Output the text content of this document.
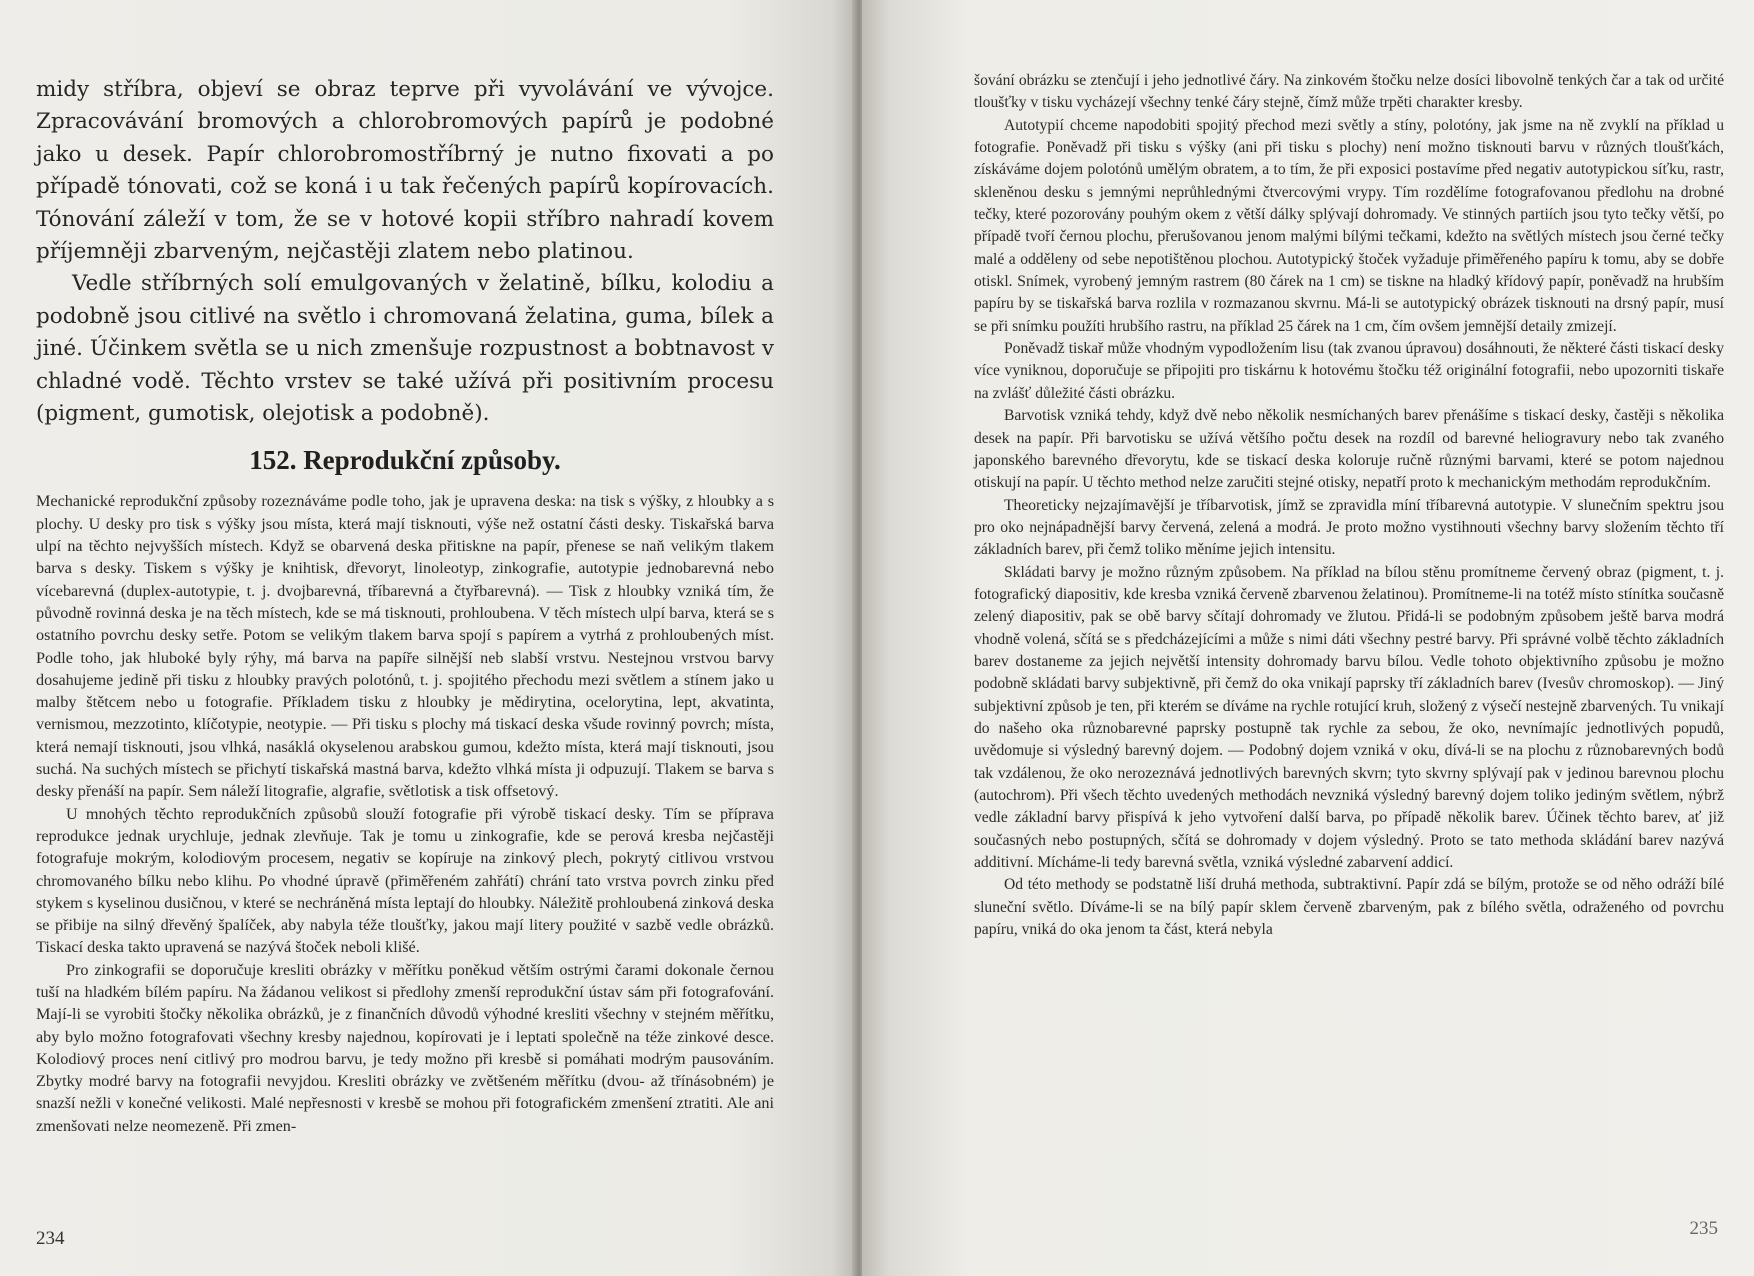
midy stříbra, objeví se obraz teprve při vyvolávání ve vývojce. Zpracovávání bromových a chlorobromových papírů je podobné jako u desek. Papír chlorobromostříbrný je nutno fixovati a po případě tónovati, což se koná i u tak řečených papírů kopírovacích. Tónování záleží v tom, že se v hotové kopii stříbro nahradí kovem příjemněji zbarveným, nejčastěji zlatem nebo platinou.

Vedle stříbrných solí emulgovaných v želatině, bílku, kolodiu a podobně jsou citlivé na světlo i chromovaná želatina, guma, bílek a jiné. Účinkem světla se u nich zmenšuje rozpustnost a bobtnavost v chladné vodě. Těchto vrstev se také užívá při positivním procesu (pigment, gumotisk, olejotisk a podobně).

152. Reprodukční způsoby.

Mechanické reprodukční způsoby rozeznáváme podle toho, jak je upravena deska: na tisk s výšky, z hloubky a s plochy. U desky pro tisk s výšky jsou místa, která mají tisknouti, výše než ostatní části desky. Tiskařská barva ulpí na těchto nejvyšších místech. Když se obarvená deska přitiskne na papír, přenese se naň velikým tlakem barva s desky. Tiskem s výšky je knihtisk, dřevoryt, linoleotyp, zinkografie, autotypie jednobarevná nebo vícebarevná (duplex-autotypie, t. j. dvojbarevná, tříbarevná a čtyřbarevná). — Tisk z hloubky vzniká tím, že původně rovinná deska je na těch místech, kde se má tisknouti, prohloubena. V těch místech ulpí barva, která se s ostatního povrchu desky setře. Potom se velikým tlakem barva spojí s papírem a vytrhá z prohloubených míst. Podle toho, jak hluboké byly rýhy, má barva na papíře silnější neb slabší vrstvu. Nestejnou vrstvou barvy dosahujeme jedině při tisku z hloubky pravých polotónů, t. j. spojitého přechodu mezi světlem a stínem jako u malby štětcem nebo u fotografie. Příkladem tisku z hloubky je mědirytina, ocelorytina, lept, akvatinta, vernismou, mezzotinto, klíčotypie, neotypie. — Při tisku s plochy má tiskací deska všude rovinný povrch; místa, která nemají tisknouti, jsou vlhká, nasáklá okyselenou arabskou gumou, kdežto místa, která mají tisknouti, jsou suchá. Na suchých místech se přichytí tiskařská mastná barva, kdežto vlhká místa ji odpuzují. Tlakem se barva s desky přenáší na papír. Sem náleží litografie, algrafie, světlotisk a tisk offsetový.

U mnohých těchto reprodukčních způsobů slouží fotografie při výrobě tiskací desky. Tím se příprava reprodukce jednak urychluje, jednak zlevňuje. Tak je tomu u zinkografie, kde se perová kresba nejčastěji fotografuje mokrým, kolodiovým procesem, negativ se kopíruje na zinkový plech, pokrytý citlivou vrstvou chromovaného bílku nebo klihu. Po vhodné úpravě (přiměřeném zahřátí) chrání tato vrstva povrch zinku před stykem s kyselinou dusičnou, v které se nechráněná místa leptají do hloubky. Náležitě prohloubená zinková deska se přibije na silný dřevěný špalíček, aby nabyla téže tloušťky, jakou mají litery použité v sazbě vedle obrázků. Tiskací deska takto upravená se nazývá štoček neboli klišé.

Pro zinkografii se doporučuje kresliti obrázky v měřítku poněkud větším ostrými čarami dokonale černou tuší na hladkém bílém papíru. Na žádanou velikost si předlohy zmenší reprodukční ústav sám při fotografování. Mají-li se vyrobiti štočky několika obrázků, je z finančních důvodů výhodné kresliti všechny v stejném měřítku, aby bylo možno fotografovati všechny kresby najednou, kopírovati je i leptati společně na téže zinkové desce. Kolodiový proces není citlivý pro modrou barvu, je tedy možno při kresbě si pomáhati modrým pausováním. Zbytky modré barvy na fotografii nevyjdou. Kresliti obrázky ve zvětšeném měřítku (dvou- až třínásobném) je snazší nežli v konečné velikosti. Malé nepřesnosti v kresbě se mohou při fotografickém zmenšení ztratiti. Ale ani zmenšovati nelze neomezeně. Při zmen-

234

šování obrázku se ztenčují i jeho jednotlivé čáry. Na zinkovém štočku nelze dosíci libovolně tenkých čar a tak od určité tloušťky v tisku vycházejí všechny tenké čáry stejně, čímž může trpěti charakter kresby.

Autotypií chceme napodobiti spojitý přechod mezi světly a stíny, polotóny, jak jsme na ně zvyklí na příklad u fotografie. Poněvadž při tisku s výšky (ani při tisku s plochy) není možno tisknouti barvu v různých tloušťkách, získáváme dojem polotónů umělým obratem, a to tím, že při exposici postavíme před negativ autotypickou síťku, rastr, skleněnou desku s jemnými neprůhlednými čtvercovými vrypy. Tím rozdělíme fotografovanou předlohu na drobné tečky, které pozorovány pouhým okem z větší dálky splývají dohromady. Ve stinných partiích jsou tyto tečky větší, po případě tvoří černou plochu, přerušovanou jenom malými bílými tečkami, kdežto na světlých místech jsou černé tečky malé a odděleny od sebe nepotištěnou plochou. Autotypický štoček vyžaduje přiměřeného papíru k tomu, aby se dobře otiskl. Snímek, vyrobený jemným rastrem (80 čárek na 1 cm) se tiskne na hladký křídový papír, poněvadž na hrubším papíru by se tiskařská barva rozlila v rozmazanou skvrnu. Má-li se autotypický obrázek tisknouti na drsný papír, musí se při snímku použíti hrubšího rastru, na příklad 25 čárek na 1 cm, čím ovšem jemnější detaily zmizejí.

Poněvadž tiskař může vhodným vypodložením lisu (tak zvanou úpravou) dosáhnouti, že některé části tiskací desky více vyniknou, doporučuje se připojiti pro tiskárnu k hotovému štočku též originální fotografii, nebo upozorniti tiskaře na zvlášť důležité části obrázku.

Barvotisk vzniká tehdy, když dvě nebo několik nesmíchaných barev přenášíme s tiskací desky, častěji s několika desek na papír. Při barvotisku se užívá většího počtu desek na rozdíl od barevné heliogravury nebo tak zvaného japonského barevného dřevorytu, kde se tiskací deska koloruje ručně různými barvami, které se potom najednou otiskují na papír. U těchto method nelze zaručiti stejné otisky, nepatří proto k mechanickým methodám reprodukčním.

Theoreticky nejzajímavější je tříbarvotisk, jímž se zpravidla míní tříbarevná autotypie. V slunečním spektru jsou pro oko nejnápadnější barvy červená, zelená a modrá. Je proto možno vystihnouti všechny barvy složením těchto tří základních barev, při čemž toliko měníme jejich intensitu.

Skládati barvy je možno různým způsobem. Na příklad na bílou stěnu promítneme červený obraz (pigment, t. j. fotografický diapositiv, kde kresba vzniká červeně zbarvenou želatinou). Promítneme-li na totéž místo stínítka současně zelený diapositiv, pak se obě barvy sčítají dohromady ve žlutou. Přidá-li se podobným způsobem ještě barva modrá vhodně volená, sčítá se s předcházejícími a může s nimi dáti všechny pestré barvy. Při správné volbě těchto základních barev dostaneme za jejich největší intensity dohromady barvu bílou. Vedle tohoto objektivního způsobu je možno podobně skládati barvy subjektivně, při čemž do oka vnikají paprsky tří základních barev (Ivesův chromoskop). — Jiný subjektivní způsob je ten, při kterém se díváme na rychle rotující kruh, složený z výsečí nestejně zbarvených. Tu vnikají do našeho oka různobarevné paprsky postupně tak rychle za sebou, že oko, nevnímajíc jednotlivých popudů, uvědomuje si výsledný barevný dojem. — Podobný dojem vzniká v oku, dívá-li se na plochu z různobarevných bodů tak vzdálenou, že oko nerozeznává jednotlivých barevných skvrn; tyto skvrny splývají pak v jedinou barevnou plochu (autochrom). Při všech těchto uvedených methodách nevzniká výsledný barevný dojem toliko jediným světlem, nýbrž vedle základní barvy přispívá k jeho vytvoření další barva, po případě několik barev. Účinek těchto barev, ať již současných nebo postupných, sčítá se dohromady v dojem výsledný. Proto se tato methoda skládání barev nazývá additivní. Mícháme-li tedy barevná světla, vzniká výsledné zabarvení addicí.

Od této methody se podstatně liší druhá methoda, subtraktivní. Papír zdá se bílým, protože se od něho odráží bílé sluneční světlo. Díváme-li se na bílý papír sklem červeně zbarveným, pak z bílého světla, odraženého od povrchu papíru, vniká do oka jenom ta část, která nebyla

235
